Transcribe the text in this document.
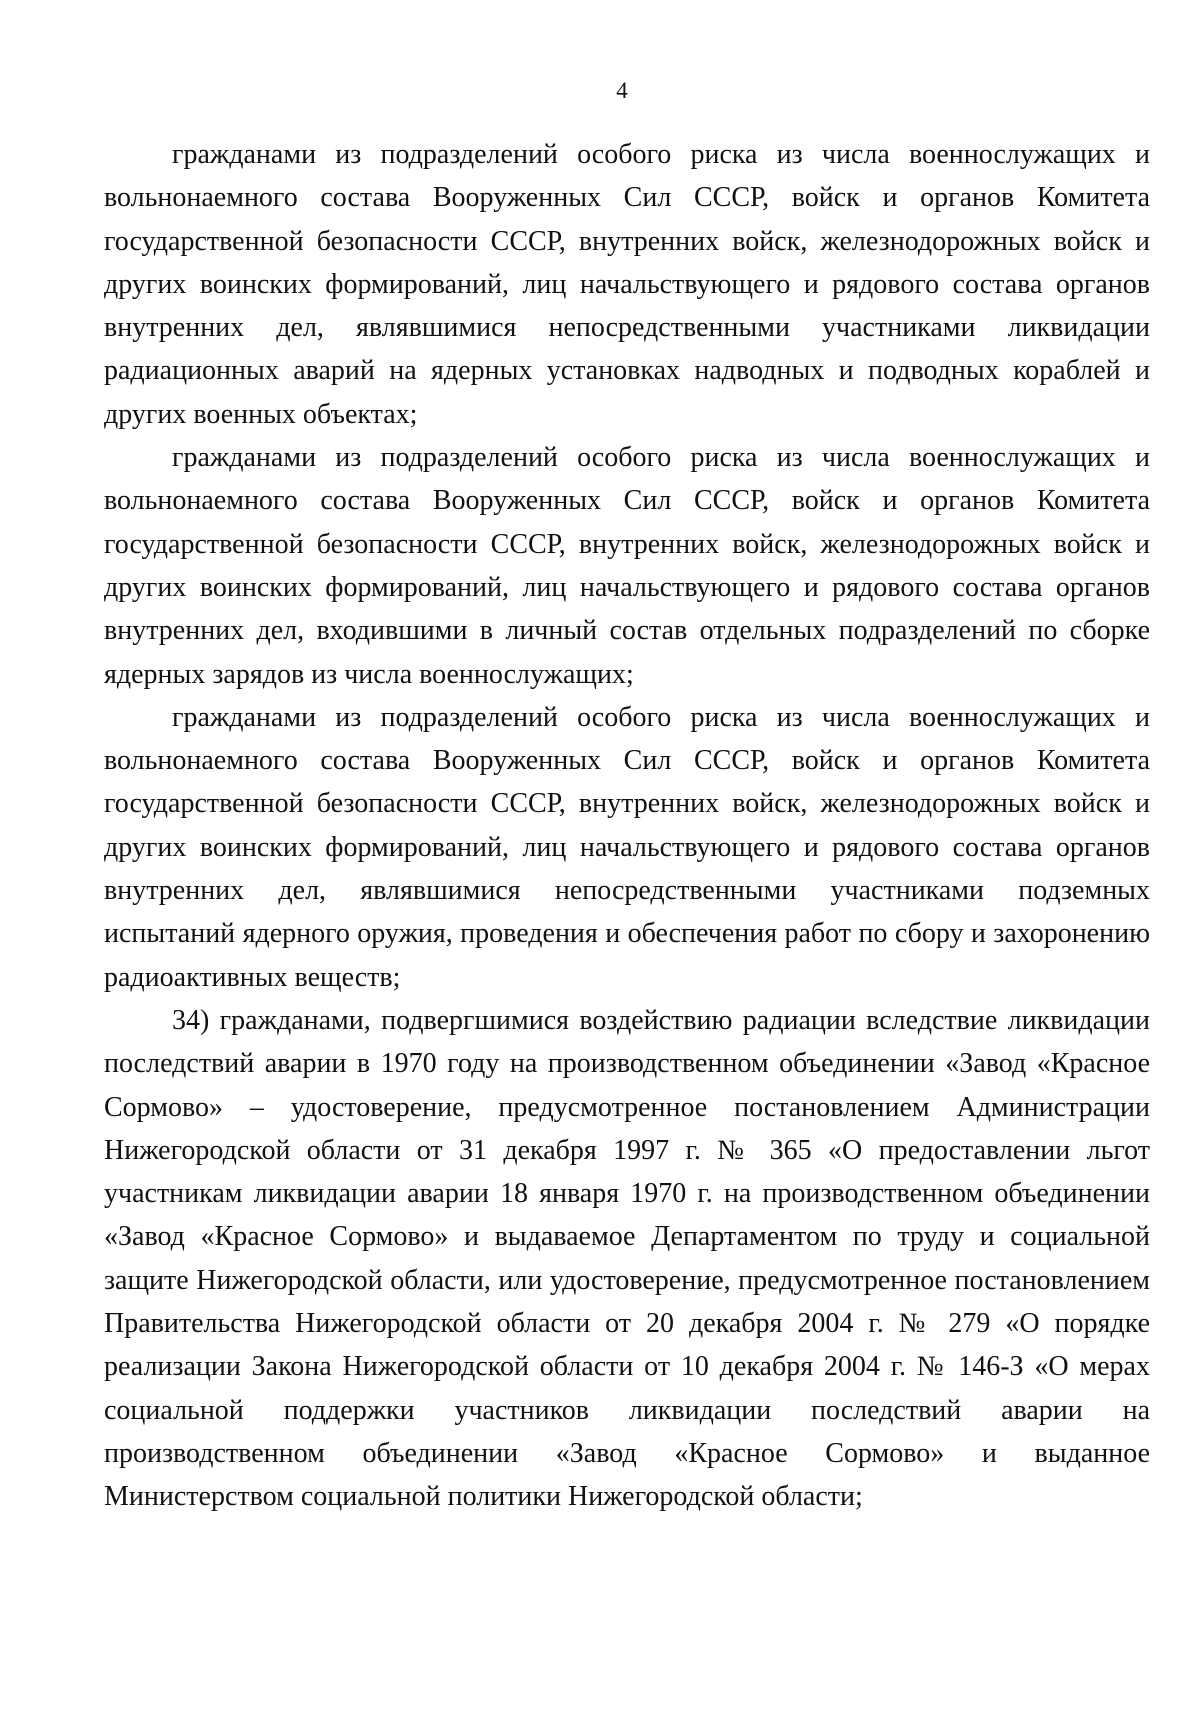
4

гражданами из подразделений особого риска из числа военнослужащих и вольнонаемного состава Вооруженных Сил СССР, войск и органов Комитета государственной безопасности СССР, внутренних войск, железнодорожных войск и других воинских формирований, лиц начальствующего и рядового состава органов внутренних дел, являвшимися непосредственными участниками ликвидации радиационных аварий на ядерных установках надводных и подводных кораблей и других военных объектах;

гражданами из подразделений особого риска из числа военнослужащих и вольнонаемного состава Вооруженных Сил СССР, войск и органов Комитета государственной безопасности СССР, внутренних войск, железнодорожных войск и других воинских формирований, лиц начальствующего и рядового состава органов внутренних дел, входившими в личный состав отдельных подразделений по сборке ядерных зарядов из числа военнослужащих;

гражданами из подразделений особого риска из числа военнослужащих и вольнонаемного состава Вооруженных Сил СССР, войск и органов Комитета государственной безопасности СССР, внутренних войск, железнодорожных войск и других воинских формирований, лиц начальствующего и рядового состава органов внутренних дел, являвшимися непосредственными участниками подземных испытаний ядерного оружия, проведения и обеспечения работ по сбору и захоронению радиоактивных веществ;

34) гражданами, подвергшимися воздействию радиации вследствие ликвидации последствий аварии в 1970 году на производственном объединении «Завод «Красное Сормово» – удостоверение, предусмотренное постановлением Администрации Нижегородской области от 31 декабря 1997 г. № 365 «О предоставлении льгот участникам ликвидации аварии 18 января 1970 г. на производственном объединении «Завод «Красное Сормово» и выдаваемое Департаментом по труду и социальной защите Нижегородской области, или удостоверение, предусмотренное постановлением Правительства Нижегородской области от 20 декабря 2004 г. № 279 «О порядке реализации Закона Нижегородской области от 10 декабря 2004 г. № 146-З «О мерах социальной поддержки участников ликвидации последствий аварии на производственном объединении «Завод «Красное Сормово» и выданное Министерством социальной политики Нижегородской области;
